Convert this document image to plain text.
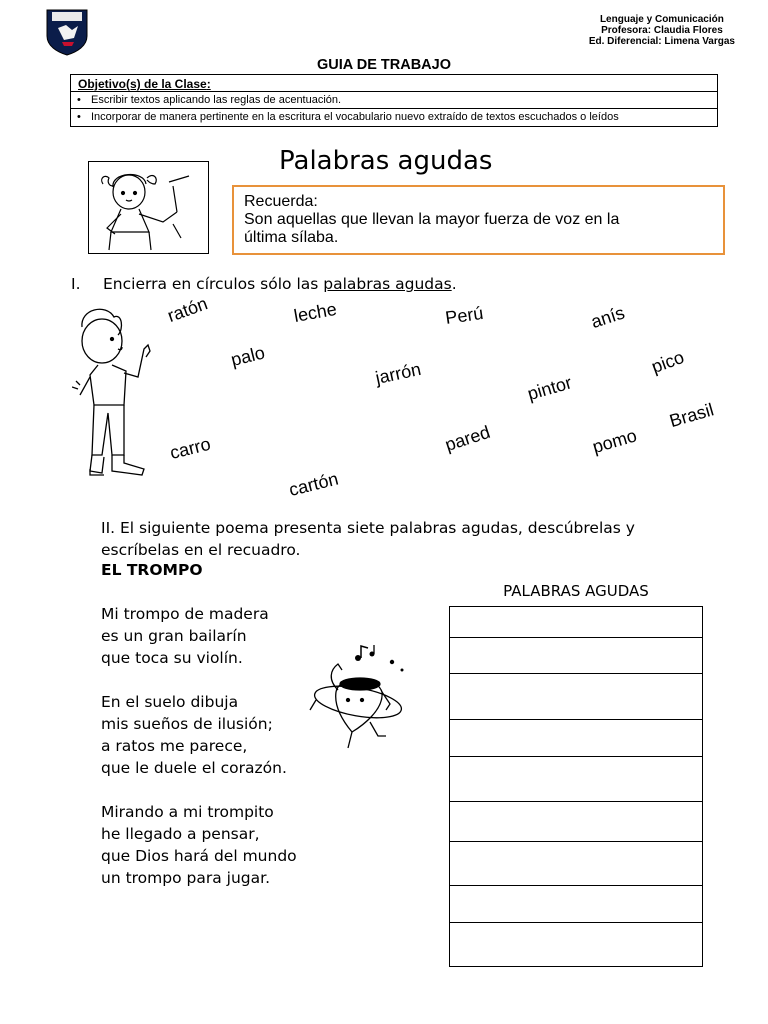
Lenguaje y Comunicación
Profesora: Claudia Flores
Ed. Diferencial: Limena Vargas
GUIA DE TRABAJO
Objetivo(s) de la Clase:
• Escribir textos aplicando las reglas de acentuación.
• Incorporar de manera pertinente en la escritura el vocabulario nuevo extraído de textos escuchados o leídos
Palabras agudas
Recuerda:
Son aquellas que llevan la mayor fuerza de voz en la
última sílaba.
I. Encierra en círculos sólo las palabras agudas.
ratón	leche	Perú	anís
palo
jarrón	pico
pintor
Brasil
carro	pared	pomo
cartón
II. El siguiente poema presenta siete palabras agudas, descúbrelas y
escríbelas en el recuadro.
EL TROMPO
Mi trompo de madera
es un gran bailarín
que toca su violín.
En el suelo dibuja
mis sueños de ilusión;
a ratos me parece,
que le duele el corazón.
Mirando a mi trompito
he llegado a pensar,
que Dios hará del mundo
un trompo para jugar.
PALABRAS AGUDAS
